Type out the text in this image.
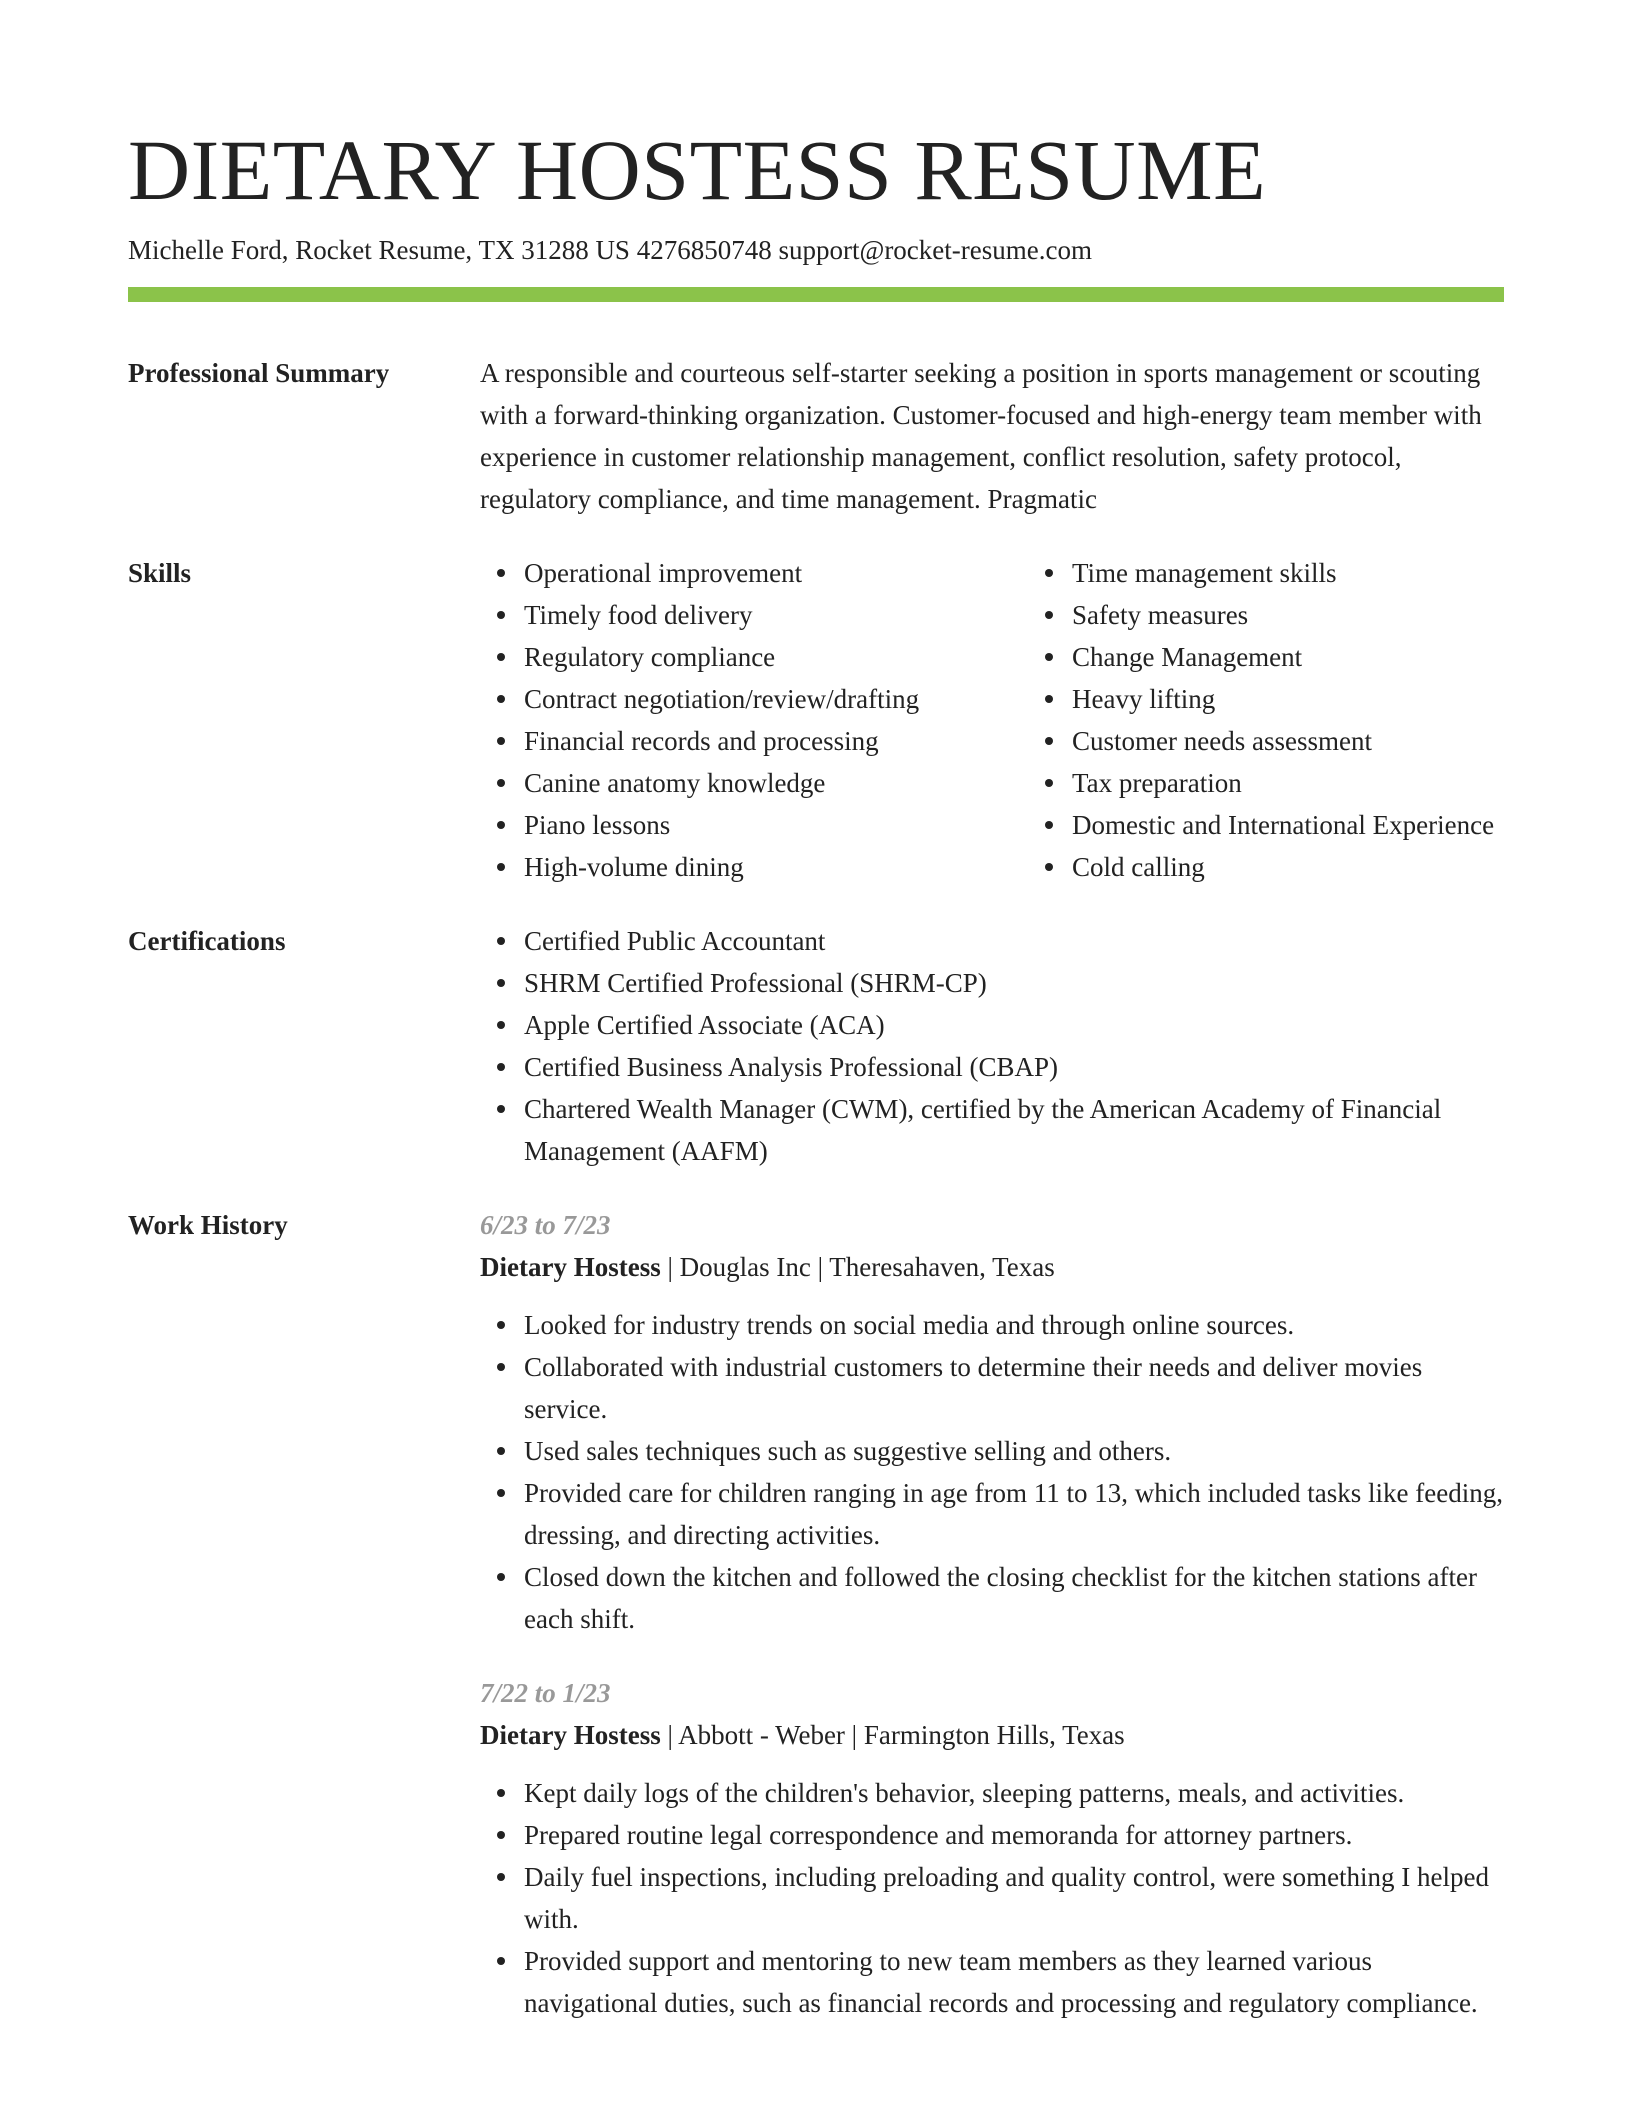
DIETARY HOSTESS RESUME
Michelle Ford, Rocket Resume, TX 31288 US 4276850748 support@rocket-resume.com
Professional Summary	A responsible and courteous self-starter seeking a position in sports management or scouting with a forward-thinking organization. Customer-focused and high-energy team member with experience in customer relationship management, conflict resolution, safety protocol, regulatory compliance, and time management. Pragmatic

Skills	Operational improvement
Timely food delivery
Regulatory compliance
Contract negotiation/review/drafting
Financial records and processing
Canine anatomy knowledge
Piano lessons
High-volume dining
Time management skills
Safety measures
Change Management
Heavy lifting
Customer needs assessment
Tax preparation
Domestic and International Experience
Cold calling
Certifications	Certified Public Accountant
SHRM Certified Professional (SHRM-CP)
Apple Certified Associate (ACA)
Certified Business Analysis Professional (CBAP)
Chartered Wealth Manager (CWM), certified by the American Academy of Financial Management (AAFM)
Work History	6/23 to 7/23
Dietary Hostess | Douglas Inc | Theresahaven, Texas
Looked for industry trends on social media and through online sources.
Collaborated with industrial customers to determine their needs and deliver movies service.
Used sales techniques such as suggestive selling and others.
Provided care for children ranging in age from 11 to 13, which included tasks like feeding, dressing, and directing activities.
Closed down the kitchen and followed the closing checklist for the kitchen stations after each shift.
7/22 to 1/23
Dietary Hostess | Abbott - Weber | Farmington Hills, Texas
Kept daily logs of the children's behavior, sleeping patterns, meals, and activities.
Prepared routine legal correspondence and memoranda for attorney partners.
Daily fuel inspections, including preloading and quality control, were something I helped with.
Provided support and mentoring to new team members as they learned various navigational duties, such as financial records and processing and regulatory compliance.
